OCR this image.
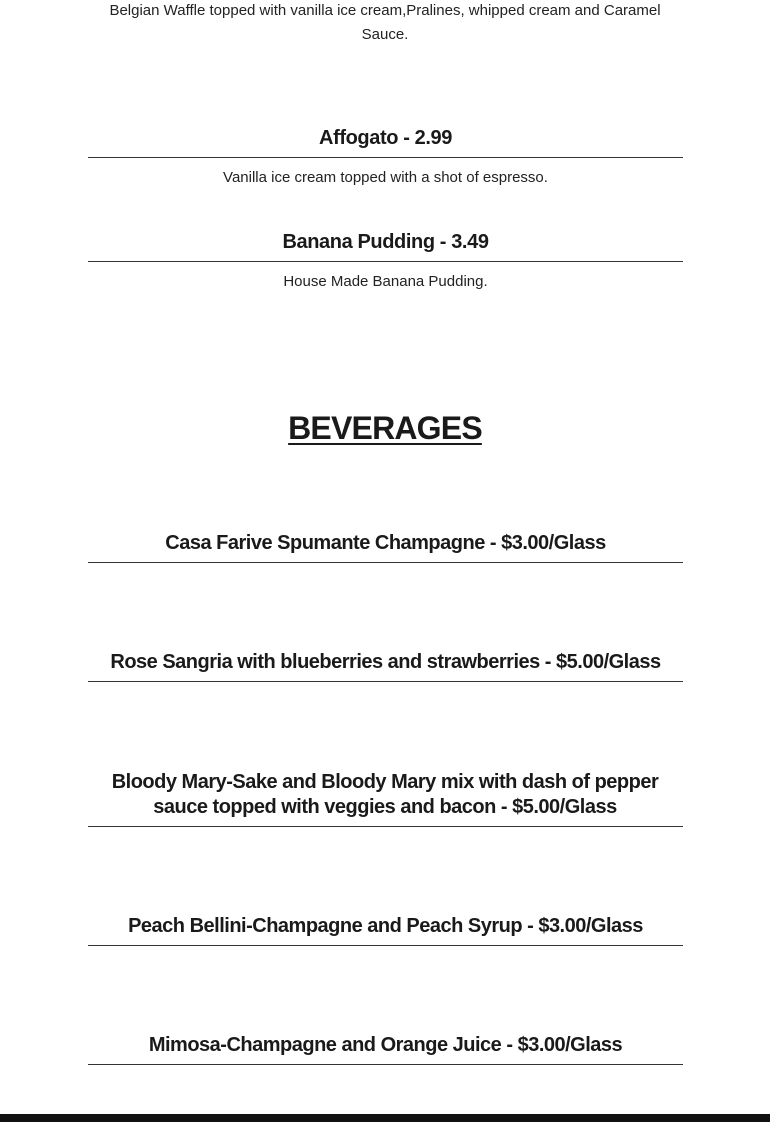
Belgian Waffle topped with vanilla ice cream,Pralines, whipped cream and Caramel Sauce.

Affogato - 2.99

Vanilla ice cream topped with a shot of espresso.

Banana Pudding - 3.49

House Made Banana Pudding.

BEVERAGES
Casa Farive Spumante Champagne - $3.00/Glass
Rose Sangria with blueberries and strawberries - $5.00/Glass
Bloody Mary-Sake and Bloody Mary mix with dash of pepper sauce topped with veggies and bacon - $5.00/Glass
Peach Bellini-Champagne and Peach Syrup - $3.00/Glass
Mimosa-Champagne and Orange Juice - $3.00/Glass
